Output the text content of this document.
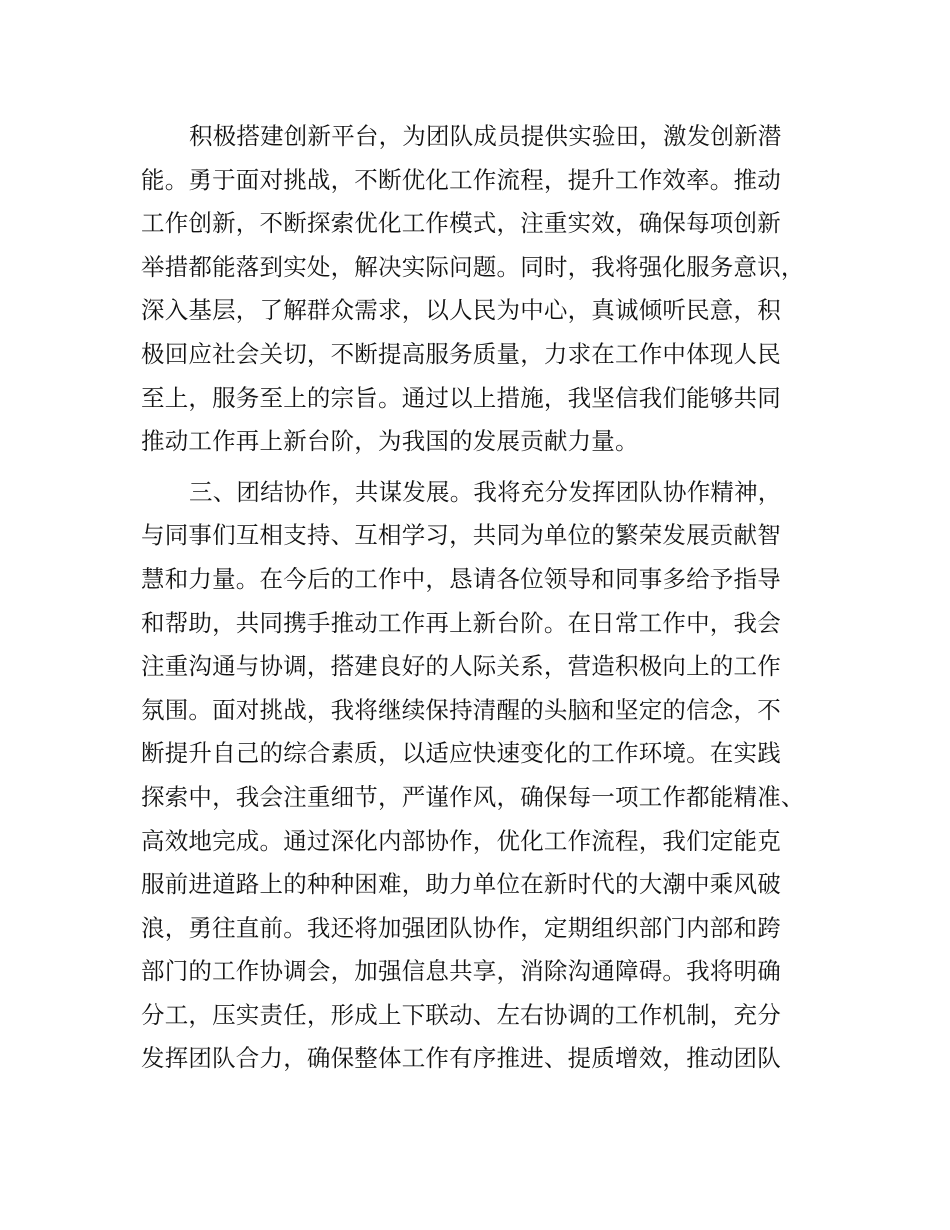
积极搭建创新平台，为团队成员提供实验田，激发创新潜
能。勇于面对挑战，不断优化工作流程，提升工作效率。推动
工作创新，不断探索优化工作模式，注重实效，确保每项创新
举措都能落到实处，解决实际问题。同时，我将强化服务意识，
深入基层，了解群众需求，以人民为中心，真诚倾听民意，积
极回应社会关切，不断提高服务质量，力求在工作中体现人民
至上，服务至上的宗旨。通过以上措施，我坚信我们能够共同
推动工作再上新台阶，为我国的发展贡献力量。

三、团结协作，共谋发展。我将充分发挥团队协作精神，
与同事们互相支持、互相学习，共同为单位的繁荣发展贡献智
慧和力量。在今后的工作中，恳请各位领导和同事多给予指导
和帮助，共同携手推动工作再上新台阶。在日常工作中，我会
注重沟通与协调，搭建良好的人际关系，营造积极向上的工作
氛围。面对挑战，我将继续保持清醒的头脑和坚定的信念，不
断提升自己的综合素质，以适应快速变化的工作环境。在实践
探索中，我会注重细节，严谨作风，确保每一项工作都能精准、
高效地完成。通过深化内部协作，优化工作流程，我们定能克
服前进道路上的种种困难，助力单位在新时代的大潮中乘风破
浪，勇往直前。我还将加强团队协作，定期组织部门内部和跨
部门的工作协调会，加强信息共享，消除沟通障碍。我将明确
分工，压实责任，形成上下联动、左右协调的工作机制，充分
发挥团队合力，确保整体工作有序推进、提质增效，推动团队
